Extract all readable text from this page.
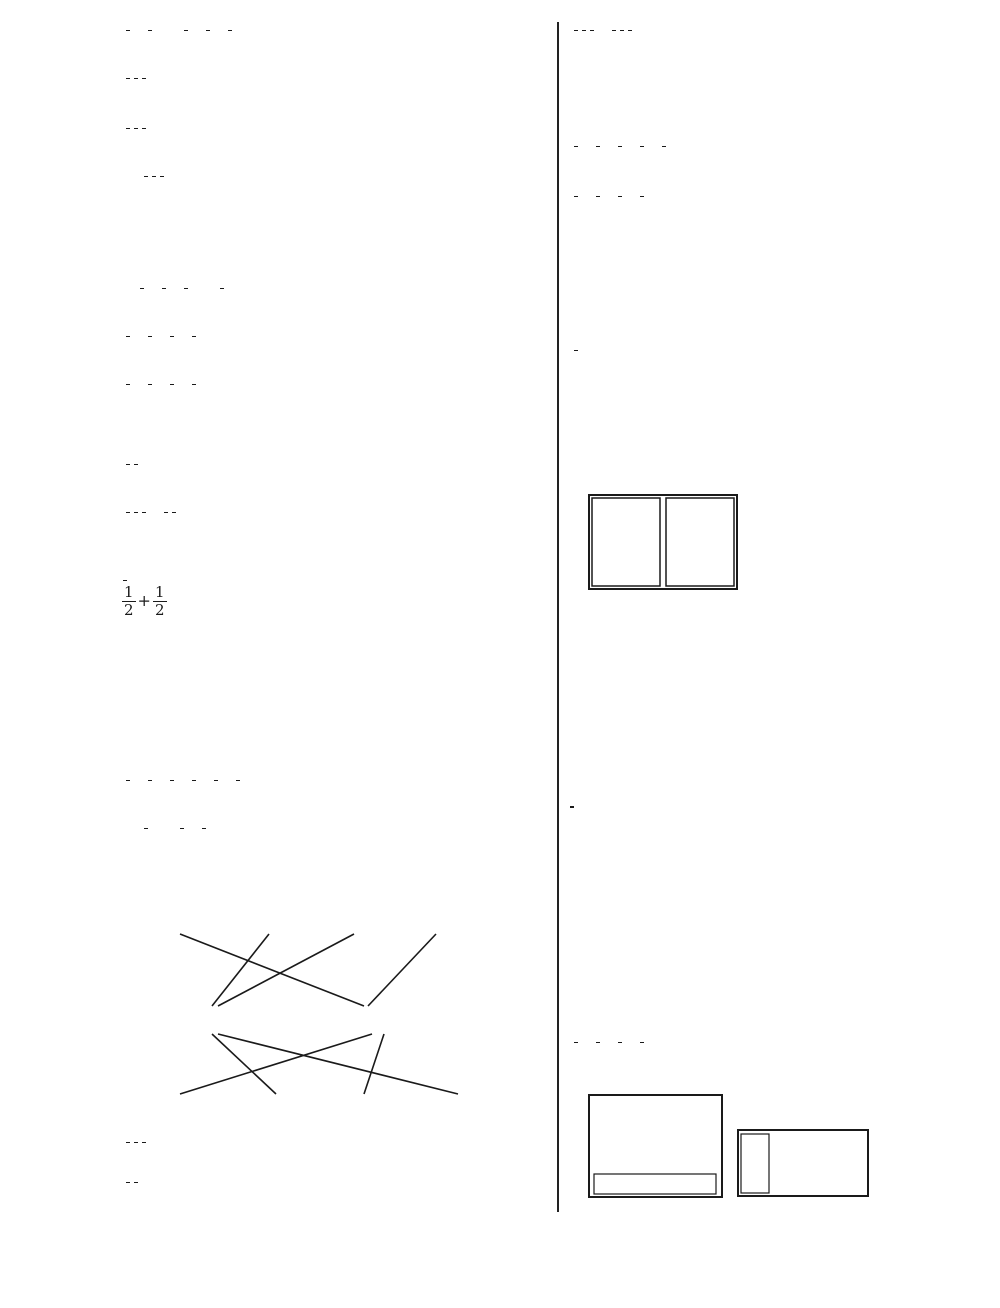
$\frac{1}{2} + \frac{1}{2}$
